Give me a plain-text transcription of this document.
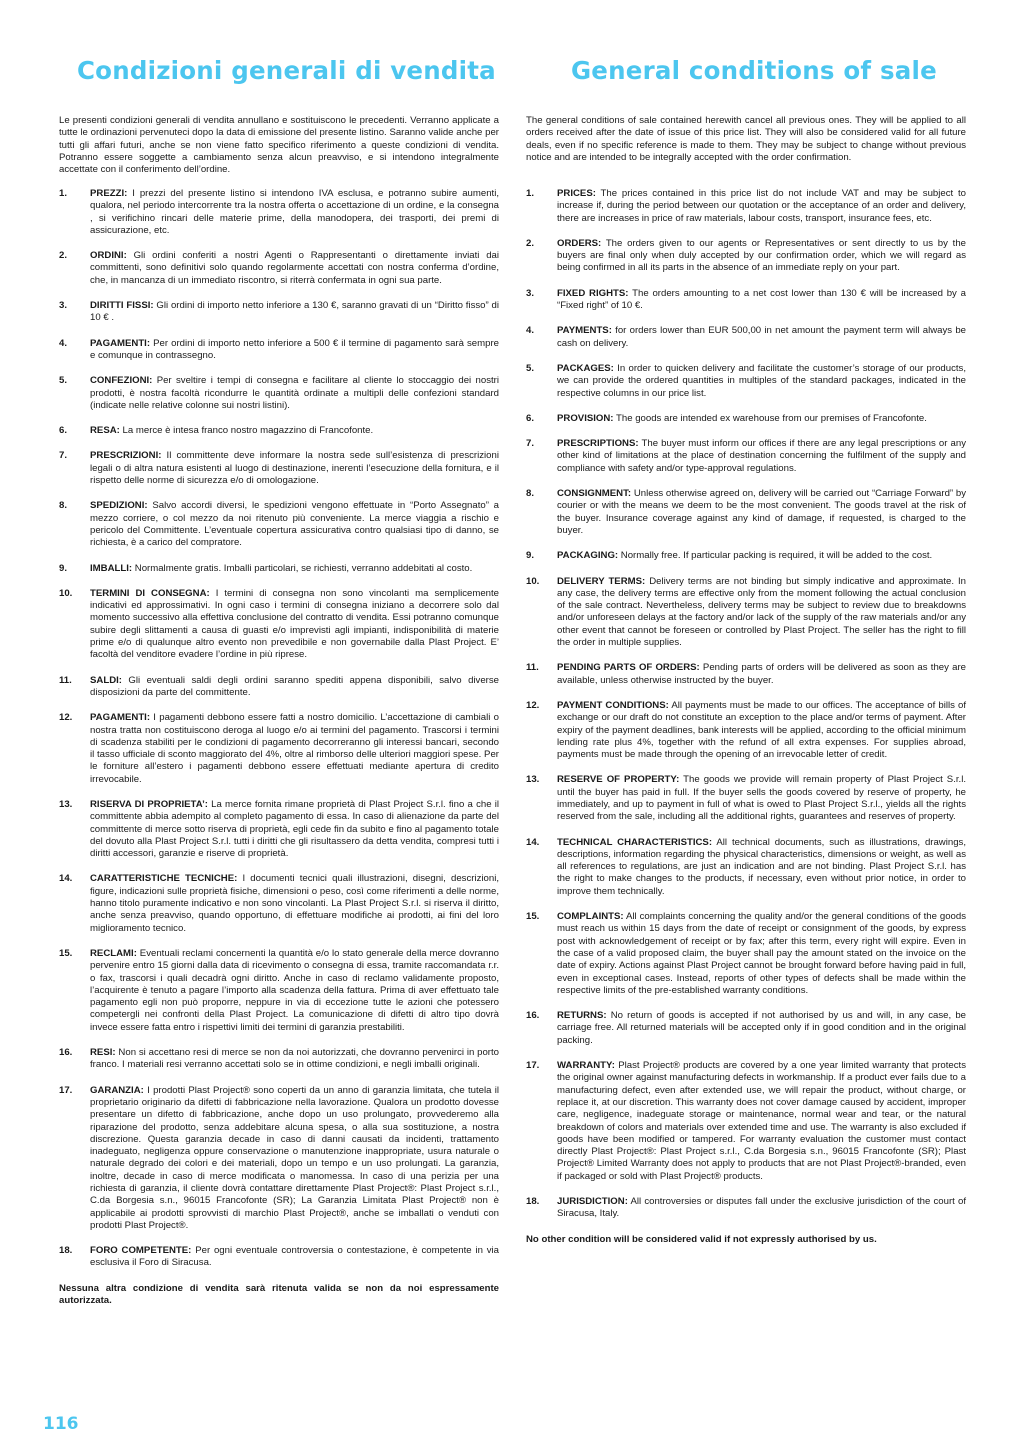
Condizioni generali di vendita

Le presenti condizioni generali di vendita annullano e sostituiscono le precedenti. Verranno applicate a tutte le ordinazioni pervenuteci dopo la data di emissione del presente listino. Saranno valide anche per tutti gli affari futuri, anche se non viene fatto specifico riferimento a queste condizioni di vendita. Potranno essere soggette a cambiamento senza alcun preavviso, e si intendono integralmente accettate con il conferimento dell’ordine.

1. PREZZI: I prezzi del presente listino si intendono IVA esclusa, e potranno subire aumenti, qualora, nel periodo intercorrente tra la nostra offerta o accettazione di un ordine, e la consegna , si verifichino rincari delle materie prime, della manodopera, dei trasporti, dei premi di assicurazione, etc.
2. ORDINI: Gli ordini conferiti a nostri Agenti o Rappresentanti o direttamente inviati dai committenti, sono definitivi solo quando regolarmente accettati con nostra conferma d’ordine, che, in mancanza di un immediato riscontro, si riterrà confermata in ogni sua parte.
3. DIRITTI FISSI: Gli ordini di importo netto inferiore a 130 €, saranno gravati di un “Diritto fisso” di 10 € .
4. PAGAMENTI: Per ordini di importo netto inferiore a 500 € il termine di pagamento sarà sempre e comunque in contrassegno.
5. CONFEZIONI: Per sveltire i tempi di consegna e facilitare al cliente lo stoccaggio dei nostri prodotti, è nostra facoltà ricondurre le quantità ordinate a multipli delle confezioni standard (indicate nelle relative colonne sui nostri listini).
6. RESA: La merce è intesa franco nostro magazzino di Francofonte.
7. PRESCRIZIONI: Il committente deve informare la nostra sede sull’esistenza di prescrizioni legali o di altra natura esistenti al luogo di destinazione, inerenti l’esecuzione della fornitura, e il rispetto delle norme di sicurezza e/o di omologazione.
8. SPEDIZIONI: Salvo accordi diversi, le spedizioni vengono effettuate in “Porto Assegnato” a mezzo corriere, o col mezzo da noi ritenuto più conveniente. La merce viaggia a rischio e pericolo del Committente. L’eventuale copertura assicurativa contro qualsiasi tipo di danno, se richiesta, è a carico del compratore.
9. IMBALLI: Normalmente gratis. Imballi particolari, se richiesti, verranno addebitati al costo.
10. TERMINI DI CONSEGNA: I termini di consegna non sono vincolanti ma semplicemente indicativi ed approssimativi. In ogni caso i termini di consegna iniziano a decorrere solo dal momento successivo alla effettiva conclusione del contratto di vendita. Essi potranno comunque subire degli slittamenti a causa di guasti e/o imprevisti agli impianti, indisponibilità di materie prime e/o di qualunque altro evento non prevedibile e non governabile dalla Plast Project. E’ facoltà del venditore evadere l’ordine in più riprese.
11. SALDI: Gli eventuali saldi degli ordini saranno spediti appena disponibili, salvo diverse disposizioni da parte del committente.
12. PAGAMENTI: I pagamenti debbono essere fatti a nostro domicilio. L’accettazione di cambiali o nostra tratta non costituiscono deroga al luogo e/o ai termini del pagamento. Trascorsi i termini di scadenza stabiliti per le condizioni di pagamento decorreranno gli interessi bancari, secondo il tasso ufficiale di sconto maggiorato del 4%, oltre al rimborso delle ulteriori maggiori spese. Per le forniture all’estero i pagamenti debbono essere effettuati mediante apertura di credito irrevocabile.
13. RISERVA DI PROPRIETA’: La merce fornita rimane proprietà di Plast Project S.r.l. fino a che il committente abbia adempito al completo pagamento di essa. In caso di alienazione da parte del committente di merce sotto riserva di proprietà, egli cede fin da subito e fino al pagamento totale del dovuto alla Plast Project S.r.l. tutti i diritti che gli risultassero da detta vendita, compresi tutti i diritti accessori, garanzie e riserve di proprietà.
14. CARATTERISTICHE TECNICHE: I documenti tecnici quali illustrazioni, disegni, descrizioni, figure, indicazioni sulle proprietà fisiche, dimensioni o peso, così come riferimenti a delle norme, hanno titolo puramente indicativo e non sono vincolanti. La Plast Project S.r.l. si riserva il diritto, anche senza preavviso, quando opportuno, di effettuare modifiche ai prodotti, ai fini del loro miglioramento tecnico.
15. RECLAMI: Eventuali reclami concernenti la quantità e/o lo stato generale della merce dovranno pervenire entro 15 giorni dalla data di ricevimento o consegna di essa, tramite raccomandata r.r. o fax, trascorsi i quali decadrà ogni diritto. Anche in caso di reclamo validamente proposto, l’acquirente è tenuto a pagare l’importo alla scadenza della fattura. Prima di aver effettuato tale pagamento egli non può proporre, neppure in via di eccezione tutte le azioni che potessero competergli nei confronti della Plast Project. La comunicazione di difetti di altro tipo dovrà invece essere fatta entro i rispettivi limiti dei termini di garanzia prestabiliti.
16. RESI: Non si accettano resi di merce se non da noi autorizzati, che dovranno pervenirci in porto franco. I materiali resi verranno accettati solo se in ottime condizioni, e negli imballi originali.
17. GARANZIA: I prodotti Plast Project® sono coperti da un anno di garanzia limitata, che tutela il proprietario originario da difetti di fabbricazione nella lavorazione. Qualora un prodotto dovesse presentare un difetto di fabbricazione, anche dopo un uso prolungato, provvederemo alla riparazione del prodotto, senza addebitare alcuna spesa, o alla sua sostituzione, a nostra discrezione. Questa garanzia decade in caso di danni causati da incidenti, trattamento inadeguato, negligenza oppure conservazione o manutenzione inappropriate, usura naturale o naturale degrado dei colori e dei materiali, dopo un tempo e un uso prolungati. La garanzia, inoltre, decade in caso di merce modificata o manomessa. In caso di una perizia per una richiesta di garanzia, il cliente dovrà contattare direttamente Plast Project®: Plast Project s.r.l., C.da Borgesia s.n., 96015 Francofonte (SR); La Garanzia Limitata Plast Project® non è applicabile ai prodotti sprovvisti di marchio Plast Project®, anche se imballati o venduti con prodotti Plast Project®.
18. FORO COMPETENTE: Per ogni eventuale controversia o contestazione, è competente in via esclusiva il Foro di Siracusa.
Nessuna altra condizione di vendita sarà ritenuta valida se non da noi espressamente autorizzata.
General conditions of sale

The general conditions of sale contained herewith cancel all previous ones. They will be applied to all orders received after the date of issue of this price list. They will also be considered valid for all future deals, even if no specific reference is made to them. They may be subject to change without previous notice and are intended to be integrally accepted with the order confirmation.

1. PRICES: The prices contained in this price list do not include VAT and may be subject to increase if, during the period between our quotation or the acceptance of an order and delivery, there are increases in price of raw materials, labour costs, transport, insurance fees, etc.
2. ORDERS: The orders given to our agents or Representatives or sent directly to us by the buyers are final only when duly accepted by our confirmation order, which we will regard as being confirmed in all its parts in the absence of an immediate reply on your part.
3. FIXED RIGHTS: The orders amounting to a net cost lower than 130 € will be increased by a “Fixed right” of 10 €.
4. PAYMENTS: for orders lower than EUR 500,00 in net amount the payment term will always be cash on delivery.
5. PACKAGES: In order to quicken delivery and facilitate the customer’s storage of our products, we can provide the ordered quantities in multiples of the standard packages, indicated in the respective columns in our price list.
6. PROVISION: The goods are intended ex warehouse from our premises of Francofonte.
7. PRESCRIPTIONS: The buyer must inform our offices if there are any legal prescriptions or any other kind of limitations at the place of destination concerning the fulfilment of the supply and compliance with safety and/or type-approval regulations.
8. CONSIGNMENT: Unless otherwise agreed on, delivery will be carried out “Carriage Forward” by courier or with the means we deem to be the most convenient. The goods travel at the risk of the buyer. Insurance coverage against any kind of damage, if requested, is charged to the buyer.
9. PACKAGING: Normally free. If particular packing is required, it will be added to the cost.
10. DELIVERY TERMS: Delivery terms are not binding but simply indicative and approximate. In any case, the delivery terms are effective only from the moment following the actual conclusion of the sale contract. Nevertheless, delivery terms may be subject to review due to breakdowns and/or unforeseen delays at the factory and/or lack of the supply of the raw materials and/or any other event that cannot be foreseen or controlled by Plast Project. The seller has the right to fill the order in multiple supplies.
11. PENDING PARTS OF ORDERS: Pending parts of orders will be delivered as soon as they are available, unless otherwise instructed by the buyer.
12. PAYMENT CONDITIONS: All payments must be made to our offices. The acceptance of bills of exchange or our draft do not constitute an exception to the place and/or terms of payment. After expiry of the payment deadlines, bank interests will be applied, according to the official minimum lending rate plus 4%, together with the refund of all extra expenses. For supplies abroad, payments must be made through the opening of an irrevocable letter of credit.
13. RESERVE OF PROPERTY: The goods we provide will remain property of Plast Project S.r.l. until the buyer has paid in full. If the buyer sells the goods covered by reserve of property, he immediately, and up to payment in full of what is owed to Plast Project S.r.l., yields all the rights reserved from the sale, including all the additional rights, guarantees and reserves of property.
14. TECHNICAL CHARACTERISTICS: All technical documents, such as illustrations, drawings, descriptions, information regarding the physical characteristics, dimensions or weight, as well as all references to regulations, are just an indication and are not binding. Plast Project S.r.l. has the right to make changes to the products, if necessary, even without prior notice, in order to improve them technically.
15. COMPLAINTS: All complaints concerning the quality and/or the general conditions of the goods must reach us within 15 days from the date of receipt or consignment of the goods, by express post with acknowledgement of receipt or by fax; after this term, every right will expire. Even in the case of a valid proposed claim, the buyer shall pay the amount stated on the invoice on the date of expiry. Actions against Plast Project cannot be brought forward before having paid in full, even in exceptional cases. Instead, reports of other types of defects shall be made within the respective limits of the pre-established warranty conditions.
16. RETURNS: No return of goods is accepted if not authorised by us and will, in any case, be carriage free. All returned materials will be accepted only if in good condition and in the original packing.
17. WARRANTY: Plast Project® products are covered by a one year limited warranty that protects the original owner against manufacturing defects in workmanship. If a product ever fails due to a manufacturing defect, even after extended use, we will repair the product, without charge, or replace it, at our discretion. This warranty does not cover damage caused by accident, improper care, negligence, inadeguate storage or maintenance, normal wear and tear, or the natural breakdown of colors and materials over extended time and use. The warranty is also excluded if goods have been modified or tampered. For warranty evaluation the customer must contact directly Plast Project®: Plast Project s.r.l., C.da Borgesia s.n., 96015 Francofonte (SR); Plast Project® Limited Warranty does not apply to products that are not Plast Project®-branded, even if packaged or sold with Plast Project® products.
18. JURISDICTION: All controversies or disputes fall under the exclusive jurisdiction of the court of Siracusa, Italy.
No other condition will be considered valid if not expressly authorised by us.
116
